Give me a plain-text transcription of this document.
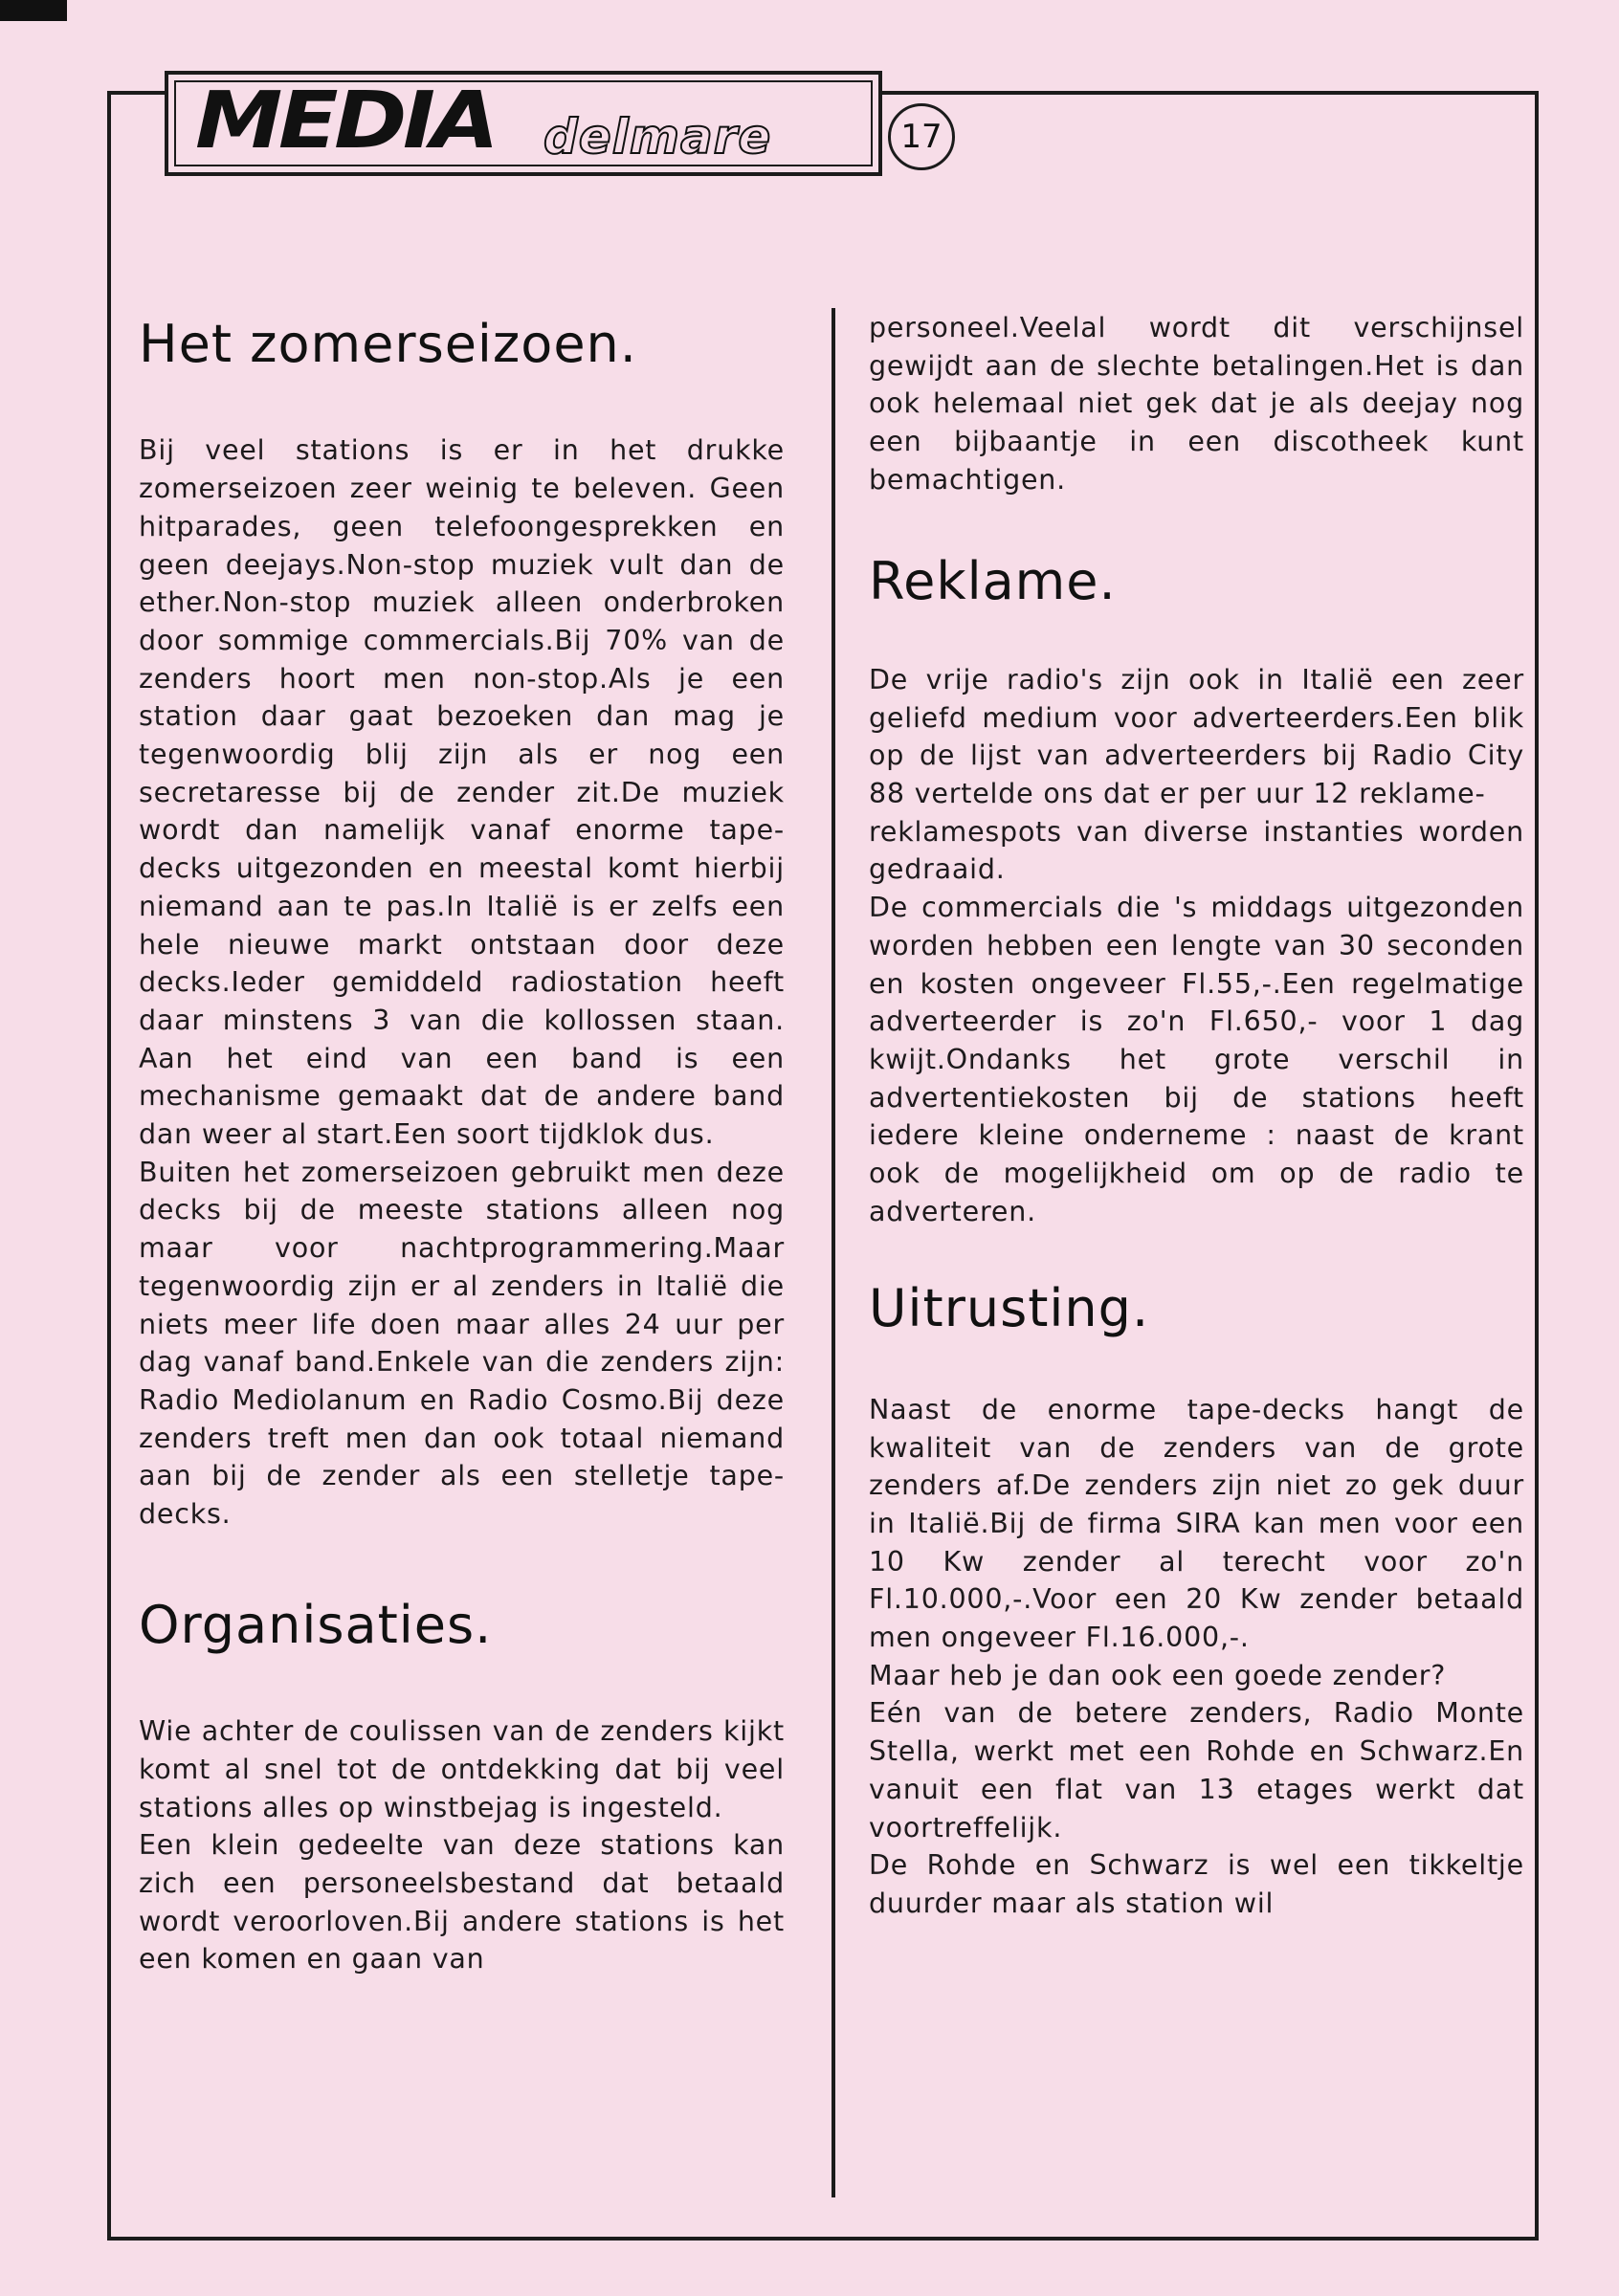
MEDIA delmare	17
Het zomerseizoen.

Bij veel stations is er in het drukke zomerseizoen zeer weinig te beleven. Geen hitparades, geen telefoongesprekken en geen deejays.Non-stop muziek vult dan de ether.Non-stop muziek alleen onderbroken door sommige commercials.Bij 70% van de zenders hoort men non-stop.Als je een station daar gaat bezoeken dan mag je tegenwoordig blij zijn als er nog een secretaresse bij de zender zit.De muziek wordt dan namelijk vanaf enorme tape-decks uitgezonden en meestal komt hierbij niemand aan te pas.In Italië is er zelfs een hele nieuwe markt ontstaan door deze decks.Ieder gemiddeld radiostation heeft daar minstens 3 van die kollossen staan. Aan het eind van een band is een mechanisme gemaakt dat de andere band dan weer al start.Een soort tijdklok dus.

Buiten het zomerseizoen gebruikt men deze decks bij de meeste stations alleen nog maar voor nachtprogrammering.Maar tegenwoordig zijn er al zenders in Italië die niets meer life doen maar alles 24 uur per dag vanaf band.Enkele van die zenders zijn: Radio Mediolanum en Radio Cosmo.Bij deze zenders treft men dan ook totaal niemand aan bij de zender als een stelletje tape-decks.

Organisaties.

Wie achter de coulissen van de zenders kijkt komt al snel tot de ontdekking dat bij veel stations alles op winstbejag is ingesteld.

Een klein gedeelte van deze stations kan zich een personeelsbestand dat betaald wordt veroorloven.Bij andere stations is het een komen en gaan van

personeel.Veelal wordt dit verschijnsel gewijdt aan de slechte betalingen.Het is dan ook helemaal niet gek dat je als deejay nog een bijbaantje in een discotheek kunt bemachtigen.

Reklame.

De vrije radio's zijn ook in Italië een zeer geliefd medium voor adverteerders.Een blik op de lijst van adverteerders bij Radio City 88 vertelde ons dat er per uur 12 reklame-

reklamespots van diverse instanties worden gedraaid.

De commercials die 's middags uitgezonden worden hebben een lengte van 30 seconden en kosten ongeveer Fl.55,-.Een regelmatige adverteerder is zo'n Fl.650,- voor 1 dag kwijt.Ondanks het grote verschil in advertentiekosten bij de stations heeft iedere kleine onderneme : naast de krant ook de mogelijkheid om op de radio te adverteren.

Uitrusting.

Naast de enorme tape-decks hangt de kwaliteit van de zenders van de grote zenders af.De zenders zijn niet zo gek duur in Italië.Bij de firma SIRA kan men voor een 10 Kw zender al terecht voor zo'n Fl.10.000,-.Voor een 20 Kw zender betaald men ongeveer Fl.16.000,-.

Maar heb je dan ook een goede zender?

Eén van de betere zenders, Radio Monte Stella, werkt met een Rohde en Schwarz.En vanuit een flat van 13 etages werkt dat voortreffelijk.

De Rohde en Schwarz is wel een tikkeltje duurder maar als station wil
